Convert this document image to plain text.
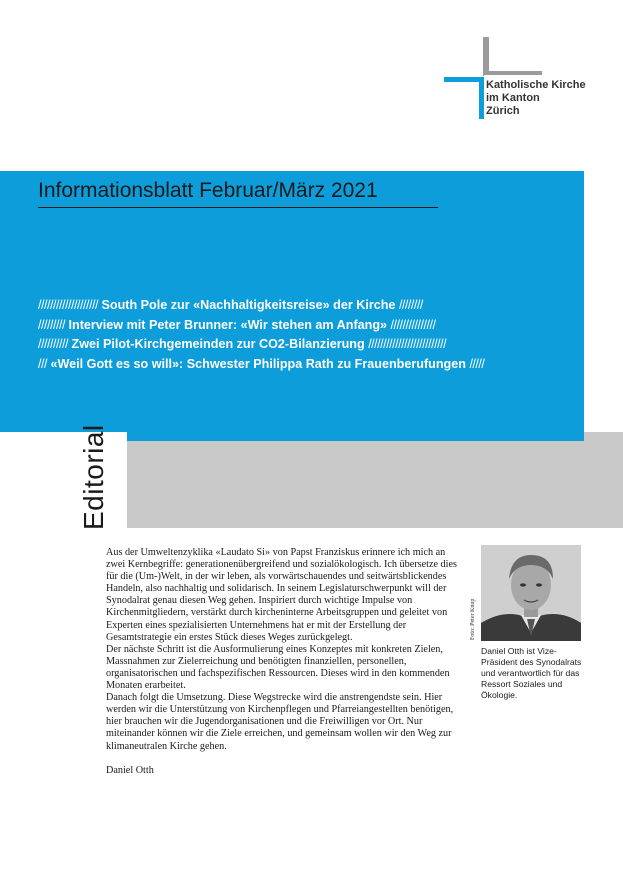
Katholische Kirche
im Kanton
Zürich
Informationsblatt Februar/März 2021
//////////////////// South Pole zur «Nachhaltigkeitsreise» der Kirche ////////
///////// Interview mit Peter Brunner: «Wir stehen am Anfang» ///////////////
////////// Zwei Pilot-Kirchgemeinden zur CO2-Bilanzierung //////////////////////////
/// «Weil Gott es so will»: Schwester Philippa Rath zu Frauenberufungen /////
Editorial

Aus der Umweltenzyklika «Laudato Si» von Papst Franziskus erinnere ich mich an zwei Kernbegriffe: generationenübergreifend und sozialökologisch. Ich übersetze dies für die (Um-)Welt, in der wir leben, als vorwärtschauendes und seitwärtsblickendes Handeln, also nachhaltig und solidarisch. In seinem Legislaturschwerpunkt will der Synodalrat genau diesen Weg gehen. Inspiriert durch wichtige Impulse von Kirchenmitgliedern, verstärkt durch kircheninterne Arbeitsgruppen und geleitet von Experten eines spezialisierten Unternehmens hat er mit der Erstellung der Gesamtstrategie ein erstes Stück dieses Weges zurückgelegt.

Der nächste Schritt ist die Ausformulierung eines Konzeptes mit konkreten Zielen, Massnahmen zur Zielerreichung und benötigten finanziellen, personellen, organisatorischen und fachspezifischen Ressourcen. Dieses wird in den kommenden Monaten erarbeitet.

Danach folgt die Umsetzung. Diese Wegstrecke wird die anstrengendste sein. Hier werden wir die Unterstützung von Kirchenpflegen und Pfarreiangestellten benötigen, hier brauchen wir die Jugendorganisationen und die Freiwilligen vor Ort. Nur miteinander können wir die Ziele erreichen, und gemeinsam wollen wir den Weg zur klimaneutralen Kirche gehen.

Daniel Otth

Foto: Peter Knup
Daniel Otth ist Vize-Präsident des Synodalrats und verantwortlich für das Ressort Soziales und Ökologie.
